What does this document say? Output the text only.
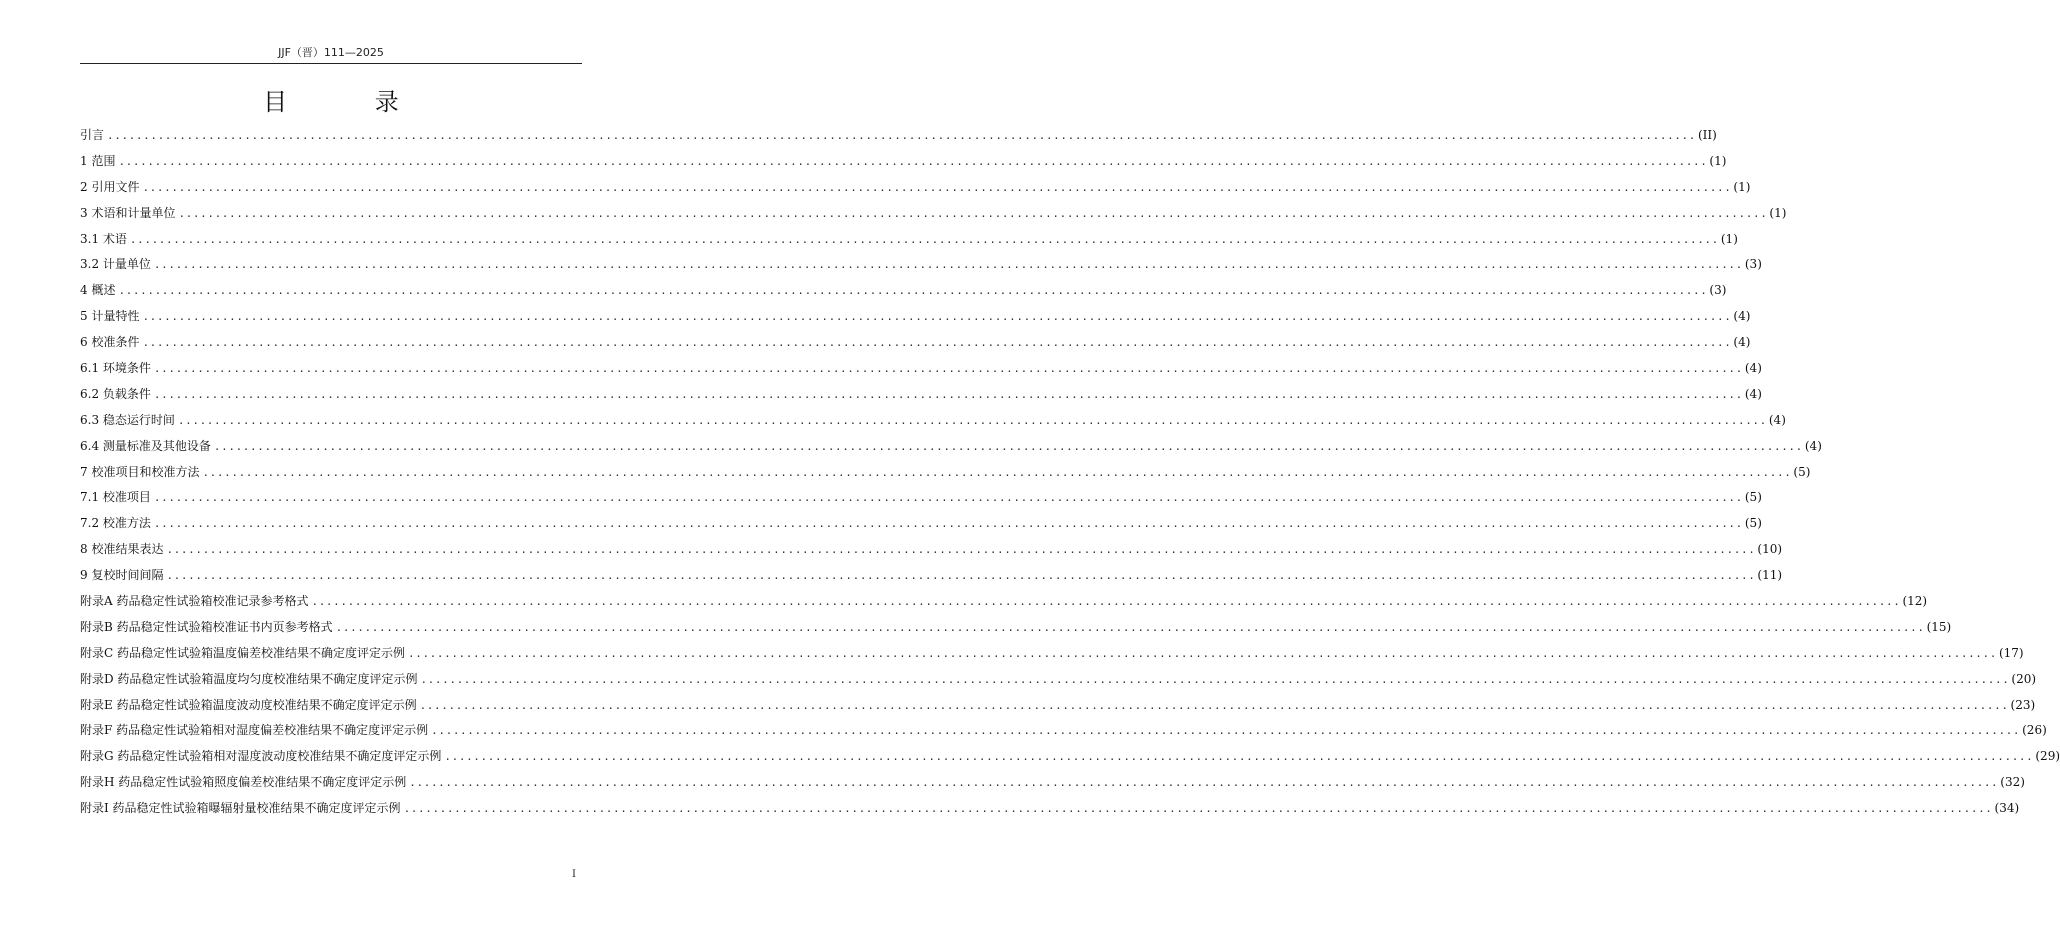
JJF（晋）111—2025
目 录
引言 ............................................................................................................................................................................................................................ (II)
1 范围 ............................................................................................................................................................................................................................ (1)
2 引用文件 ............................................................................................................................................................................................................................ (1)
3 术语和计量单位 ............................................................................................................................................................................................................................ (1)
3.1 术语 ............................................................................................................................................................................................................................ (1)
3.2 计量单位 ............................................................................................................................................................................................................................ (3)
4 概述 ............................................................................................................................................................................................................................ (3)
5 计量特性 ............................................................................................................................................................................................................................ (4)
6 校准条件 ............................................................................................................................................................................................................................ (4)
6.1 环境条件 ............................................................................................................................................................................................................................ (4)
6.2 负载条件 ............................................................................................................................................................................................................................ (4)
6.3 稳态运行时间 ............................................................................................................................................................................................................................ (4)
6.4 测量标准及其他设备 ............................................................................................................................................................................................................................ (4)
7 校准项目和校准方法 ............................................................................................................................................................................................................................ (5)
7.1 校准项目 ............................................................................................................................................................................................................................ (5)
7.2 校准方法 ............................................................................................................................................................................................................................ (5)
8 校准结果表达 ............................................................................................................................................................................................................................ (10)
9 复校时间间隔 ............................................................................................................................................................................................................................ (11)
附录A 药品稳定性试验箱校准记录参考格式 ............................................................................................................................................................................................................................ (12)
附录B 药品稳定性试验箱校准证书内页参考格式 ............................................................................................................................................................................................................................ (15)
附录C 药品稳定性试验箱温度偏差校准结果不确定度评定示例 ............................................................................................................................................................................................................................ (17)
附录D 药品稳定性试验箱温度均匀度校准结果不确定度评定示例 ............................................................................................................................................................................................................................ (20)
附录E 药品稳定性试验箱温度波动度校准结果不确定度评定示例 ............................................................................................................................................................................................................................ (23)
附录F 药品稳定性试验箱相对湿度偏差校准结果不确定度评定示例 ............................................................................................................................................................................................................................ (26)
附录G 药品稳定性试验箱相对湿度波动度校准结果不确定度评定示例 ............................................................................................................................................................................................................................ (29)
附录H 药品稳定性试验箱照度偏差校准结果不确定度评定示例 ............................................................................................................................................................................................................................ (32)
附录I 药品稳定性试验箱曝辐射量校准结果不确定度评定示例 ............................................................................................................................................................................................................................ (34)
I
